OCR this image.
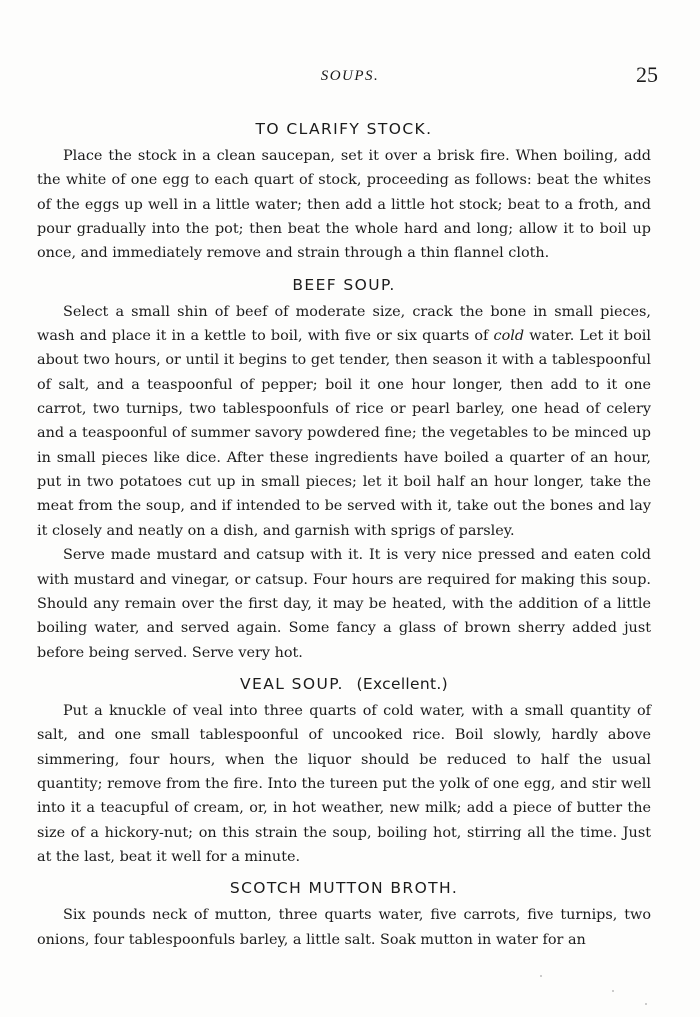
SOUPS.	25
TO CLARIFY STOCK.

Place the stock in a clean saucepan, set it over a brisk fire. When boiling, add the white of one egg to each quart of stock, proceeding as follows: beat the whites of the eggs up well in a little water; then add a little hot stock; beat to a froth, and pour gradually into the pot; then beat the whole hard and long; allow it to boil up once, and immediately remove and strain through a thin flannel cloth.

BEEF SOUP.

Select a small shin of beef of moderate size, crack the bone in small pieces, wash and place it in a kettle to boil, with five or six quarts of cold water. Let it boil about two hours, or until it begins to get tender, then season it with a tablespoonful of salt, and a teaspoonful of pepper; boil it one hour longer, then add to it one carrot, two turnips, two tablespoonfuls of rice or pearl barley, one head of celery and a teaspoonful of summer savory powdered fine; the vegetables to be minced up in small pieces like dice. After these ingredients have boiled a quarter of an hour, put in two potatoes cut up in small pieces; let it boil half an hour longer, take the meat from the soup, and if intended to be served with it, take out the bones and lay it closely and neatly on a dish, and garnish with sprigs of parsley.

Serve made mustard and catsup with it. It is very nice pressed and eaten cold with mustard and vinegar, or catsup. Four hours are required for making this soup. Should any remain over the first day, it may be heated, with the addition of a little boiling water, and served again. Some fancy a glass of brown sherry added just before being served. Serve very hot.

VEAL SOUP. (Excellent.)

Put a knuckle of veal into three quarts of cold water, with a small quantity of salt, and one small tablespoonful of uncooked rice. Boil slowly, hardly above simmering, four hours, when the liquor should be reduced to half the usual quantity; remove from the fire. Into the tureen put the yolk of one egg, and stir well into it a teacupful of cream, or, in hot weather, new milk; add a piece of butter the size of a hickory-nut; on this strain the soup, boiling hot, stirring all the time. Just at the last, beat it well for a minute.

SCOTCH MUTTON BROTH.

Six pounds neck of mutton, three quarts water, five carrots, five turnips, two onions, four tablespoonfuls barley, a little salt. Soak mutton in water for an
